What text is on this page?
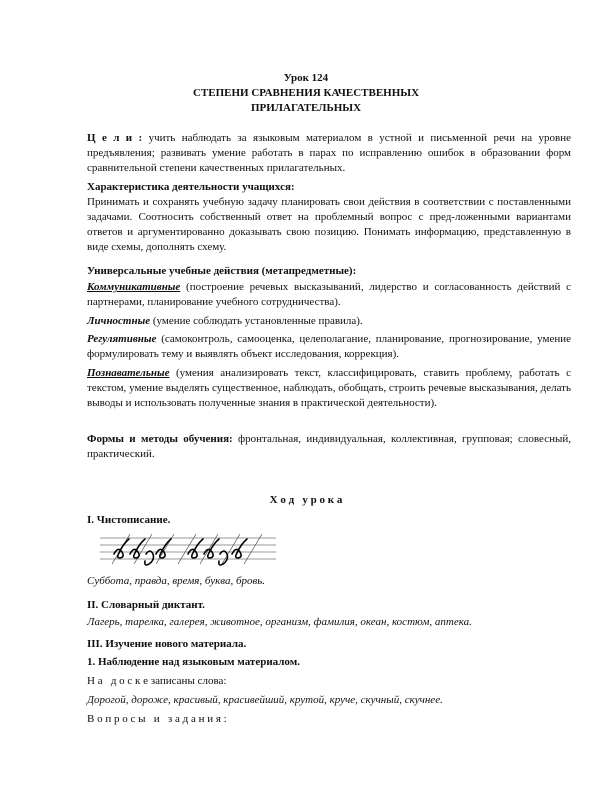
Урок 124
СТЕПЕНИ СРАВНЕНИЯ КАЧЕСТВЕННЫХ
ПРИЛАГАТЕЛЬНЫХ

Ц е л и : учить наблюдать за языковым материалом в устной и письменной речи на уровне предъявления; развивать умение работать в парах по исправлению ошибок в образовании форм сравнительной степени качественных прилагательных.

Характеристика деятельности учащихся:

Принимать и сохранять учебную задачу планировать свои действия в соответствии с поставленными задачами. Соотносить собственный ответ на проблемный вопрос с пред-ложенными вариантами ответов и аргументированно доказывать свою позицию. Понимать информацию, представленную в виде схемы, дополнять схему.

Универсальные учебные действия (метапредметные):

Коммуникативные (построение речевых высказываний, лидерство и согласованность действий с партнерами, планирование учебного сотрудничества).

Личностные (умение соблюдать установленные правила).

Регулятивные (самоконтроль, самооценка, целеполагание, планирование, прогнозирование, умение формулировать тему и выявлять объект исследования, коррекция).

Познавательные (умения анализировать текст, классифицировать, ставить проблему, работать с текстом, умение выделять существенное, наблюдать, обобщать, строить речевые высказывания, делать выводы и использовать полученные знания в практической деятельности).

Формы и методы обучения: фронтальная, индивидуальная, коллективная, групповая; словесный, практический.

Х о д   у р о к а

I. Чистописание.

Суббота, правда, время, буква, бровь.

II. Словарный диктант.

Лагерь, тарелка, галерея, животное, организм, фамилия, океан, костюм, аптека.

III. Изучение нового материала.

1. Наблюдение над языковым материалом.

Н а   д о с к е записаны слова:

Дорогой, дороже, красивый, красивейший, крутой, круче, скучный, скучнее.

В о п р о с ы   и   з а д а н и я :
